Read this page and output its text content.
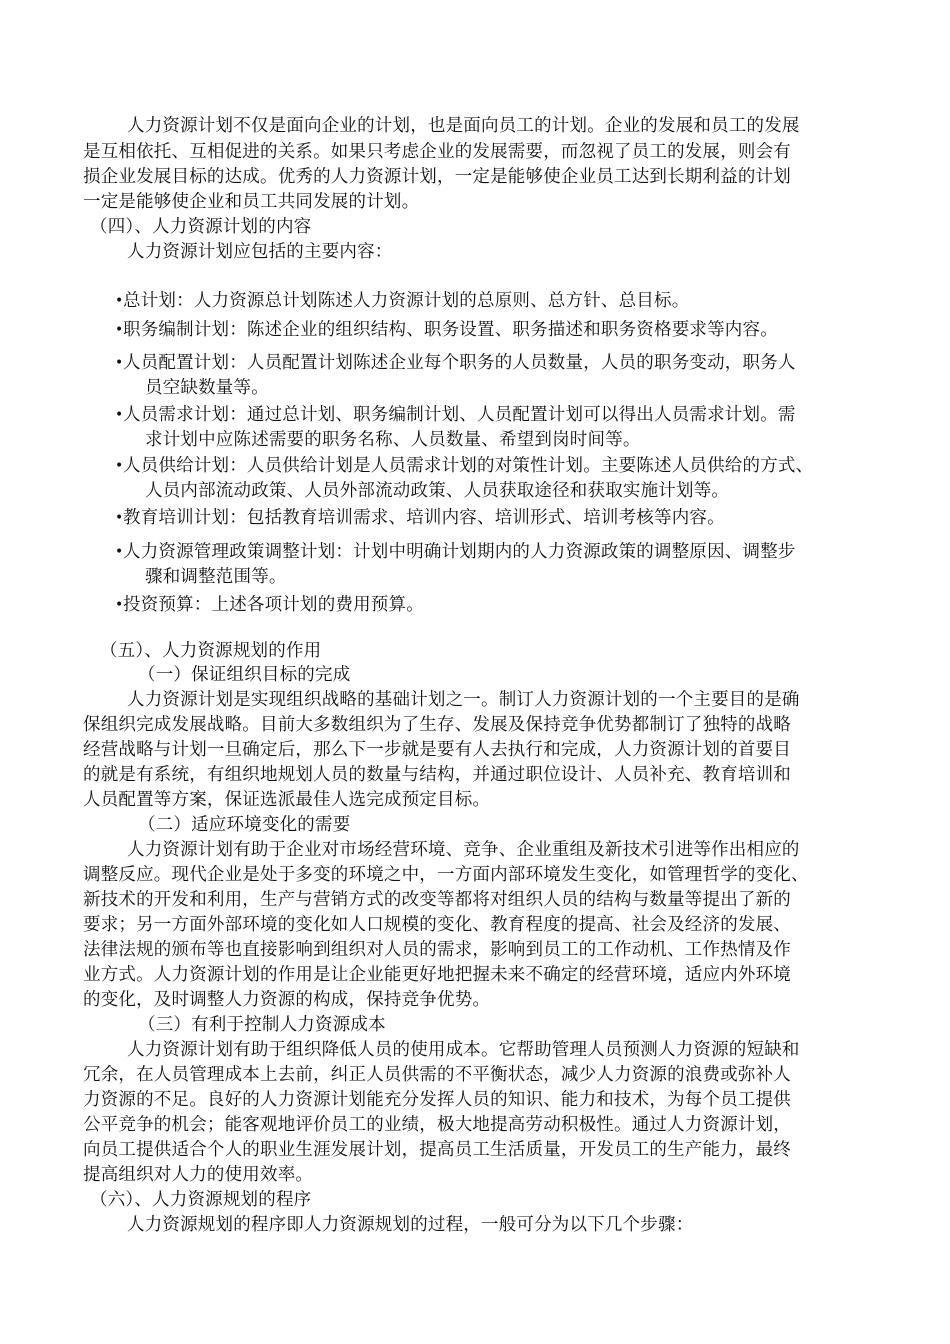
人力资源计划不仅是面向企业的计划，也是面向员工的计划。企业的发展和员工的发展
是互相依托、互相促进的关系。如果只考虑企业的发展需要，而忽视了员工的发展，则会有
损企业发展目标的达成。优秀的人力资源计划，一定是能够使企业员工达到长期利益的计划
一定是能够使企业和员工共同发展的计划。
（四）、人力资源计划的内容
人力资源计划应包括的主要内容：
• 总计划：人力资源总计划陈述人力资源计划的总原则、总方针、总目标。
• 职务编制计划：陈述企业的组织结构、职务设置、职务描述和职务资格要求等内容。
• 人员配置计划：人员配置计划陈述企业每个职务的人员数量，人员的职务变动，职务人
员空缺数量等。
• 人员需求计划：通过总计划、职务编制计划、人员配置计划可以得出人员需求计划。需
求计划中应陈述需要的职务名称、人员数量、希望到岗时间等。
• 人员供给计划：人员供给计划是人员需求计划的对策性计划。主要陈述人员供给的方式、
人员内部流动政策、人员外部流动政策、人员获取途径和获取实施计划等。
• 教育培训计划：包括教育培训需求、培训内容、培训形式、培训考核等内容。
• 人力资源管理政策调整计划：计划中明确计划期内的人力资源政策的调整原因、调整步
骤和调整范围等。
• 投资预算：上述各项计划的费用预算。
（五）、人力资源规划的作用
（一）保证组织目标的完成
人力资源计划是实现组织战略的基础计划之一。制订人力资源计划的一个主要目的是确
保组织完成发展战略。目前大多数组织为了生存、发展及保持竞争优势都制订了独特的战略
经营战略与计划一旦确定后，那么下一步就是要有人去执行和完成，人力资源计划的首要目
的就是有系统，有组织地规划人员的数量与结构，并通过职位设计、人员补充、教育培训和
人员配置等方案，保证选派最佳人选完成预定目标。
（二）适应环境变化的需要
人力资源计划有助于企业对市场经营环境、竞争、企业重组及新技术引进等作出相应的
调整反应。现代企业是处于多变的环境之中，一方面内部环境发生变化，如管理哲学的变化、
新技术的开发和利用，生产与营销方式的改变等都将对组织人员的结构与数量等提出了新的
要求；另一方面外部环境的变化如人口规模的变化、教育程度的提高、社会及经济的发展、
法律法规的颁布等也直接影响到组织对人员的需求，影响到员工的工作动机、工作热情及作
业方式。人力资源计划的作用是让企业能更好地把握未来不确定的经营环境，适应内外环境
的变化，及时调整人力资源的构成，保持竞争优势。
（三）有利于控制人力资源成本
人力资源计划有助于组织降低人员的使用成本。它帮助管理人员预测人力资源的短缺和
冗余，在人员管理成本上去前，纠正人员供需的不平衡状态，减少人力资源的浪费或弥补人
力资源的不足。良好的人力资源计划能充分发挥人员的知识、能力和技术，为每个员工提供
公平竞争的机会；能客观地评价员工的业绩，极大地提高劳动积极性。通过人力资源计划，
向员工提供适合个人的职业生涯发展计划，提高员工生活质量，开发员工的生产能力，最终
提高组织对人力的使用效率。
（六）、人力资源规划的程序
人力资源规划的程序即人力资源规划的过程，一般可分为以下几个步骤：
